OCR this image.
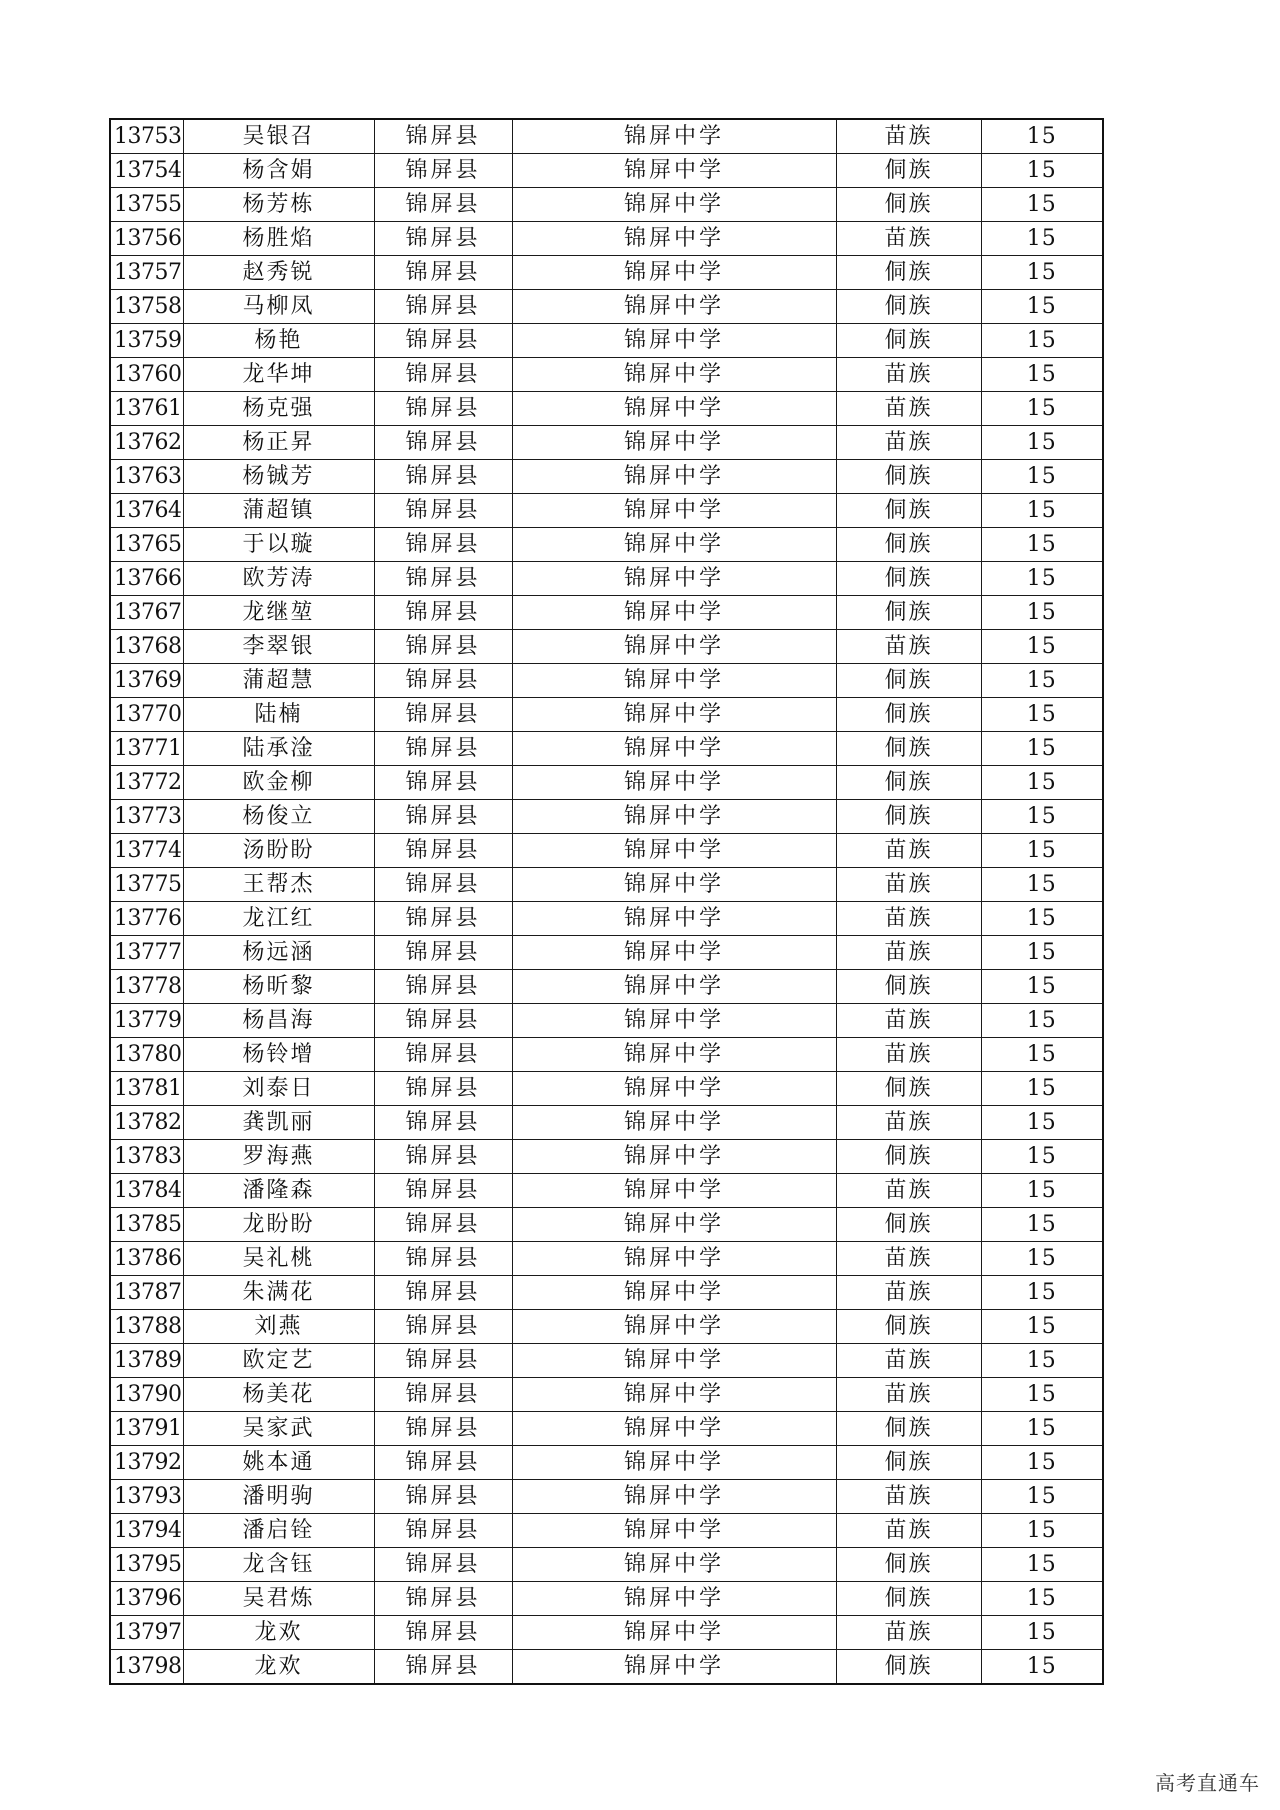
13753	吴银召	锦屏县	锦屏中学	苗族	15
13754	杨含娟	锦屏县	锦屏中学	侗族	15
13755	杨芳栋	锦屏县	锦屏中学	侗族	15
13756	杨胜焰	锦屏县	锦屏中学	苗族	15
13757	赵秀锐	锦屏县	锦屏中学	侗族	15
13758	马柳凤	锦屏县	锦屏中学	侗族	15
13759	杨艳	锦屏县	锦屏中学	侗族	15
13760	龙华坤	锦屏县	锦屏中学	苗族	15
13761	杨克强	锦屏县	锦屏中学	苗族	15
13762	杨正昇	锦屏县	锦屏中学	苗族	15
13763	杨铖芳	锦屏县	锦屏中学	侗族	15
13764	蒲超镇	锦屏县	锦屏中学	侗族	15
13765	于以璇	锦屏县	锦屏中学	侗族	15
13766	欧芳涛	锦屏县	锦屏中学	侗族	15
13767	龙继堃	锦屏县	锦屏中学	侗族	15
13768	李翠银	锦屏县	锦屏中学	苗族	15
13769	蒲超慧	锦屏县	锦屏中学	侗族	15
13770	陆楠	锦屏县	锦屏中学	侗族	15
13771	陆承淦	锦屏县	锦屏中学	侗族	15
13772	欧金柳	锦屏县	锦屏中学	侗族	15
13773	杨俊立	锦屏县	锦屏中学	侗族	15
13774	汤盼盼	锦屏县	锦屏中学	苗族	15
13775	王帮杰	锦屏县	锦屏中学	苗族	15
13776	龙江红	锦屏县	锦屏中学	苗族	15
13777	杨远涵	锦屏县	锦屏中学	苗族	15
13778	杨昕黎	锦屏县	锦屏中学	侗族	15
13779	杨昌海	锦屏县	锦屏中学	苗族	15
13780	杨铃增	锦屏县	锦屏中学	苗族	15
13781	刘泰日	锦屏县	锦屏中学	侗族	15
13782	龚凯丽	锦屏县	锦屏中学	苗族	15
13783	罗海燕	锦屏县	锦屏中学	侗族	15
13784	潘隆森	锦屏县	锦屏中学	苗族	15
13785	龙盼盼	锦屏县	锦屏中学	侗族	15
13786	吴礼桃	锦屏县	锦屏中学	苗族	15
13787	朱满花	锦屏县	锦屏中学	苗族	15
13788	刘燕	锦屏县	锦屏中学	侗族	15
13789	欧定艺	锦屏县	锦屏中学	苗族	15
13790	杨美花	锦屏县	锦屏中学	苗族	15
13791	吴家武	锦屏县	锦屏中学	侗族	15
13792	姚本通	锦屏县	锦屏中学	侗族	15
13793	潘明驹	锦屏县	锦屏中学	苗族	15
13794	潘启铨	锦屏县	锦屏中学	苗族	15
13795	龙含钰	锦屏县	锦屏中学	侗族	15
13796	吴君炼	锦屏县	锦屏中学	侗族	15
13797	龙欢	锦屏县	锦屏中学	苗族	15
13798	龙欢	锦屏县	锦屏中学	侗族	15
高考直通车
